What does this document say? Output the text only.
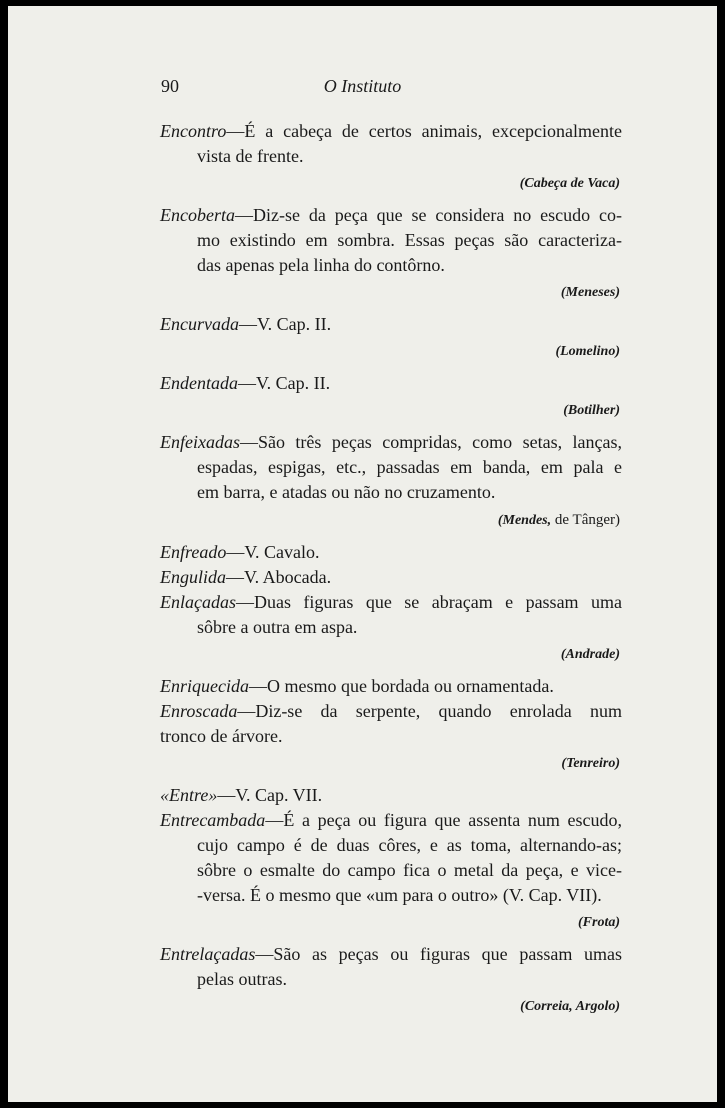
90	O Instituto
Encontro—É a cabeça de certos animais, excepcionalmente
vista de frente.
(Cabeça de Vaca)
Encoberta—Diz-se da peça que se considera no escudo co-
mo existindo em sombra. Essas peças são caracteriza-
das apenas pela linha do contôrno.
(Meneses)
Encurvada—V. Cap. II.
(Lomelino)
Endentada—V. Cap. II.
(Botilher)
Enfeixadas—São três peças compridas, como setas, lanças,
espadas, espigas, etc., passadas em banda, em pala e
em barra, e atadas ou não no cruzamento.
(Mendes, de Tânger)
Enfreado—V. Cavalo.
Engulida—V. Abocada.
Enlaçadas—Duas figuras que se abraçam e passam uma
sôbre a outra em aspa.
(Andrade)
Enriquecida—O mesmo que bordada ou ornamentada.
Enroscada—Diz-se da serpente, quando enrolada num
tronco de árvore.
(Tenreiro)
«Entre»—V. Cap. VII.
Entrecambada—É a peça ou figura que assenta num escudo,
cujo campo é de duas côres, e as toma, alternando-as;
sôbre o esmalte do campo fica o metal da peça, e vice-
-versa. É o mesmo que «um para o outro» (V. Cap. VII).
(Frota)
Entrelaçadas—São as peças ou figuras que passam umas
pelas outras.
(Correia, Argolo)
